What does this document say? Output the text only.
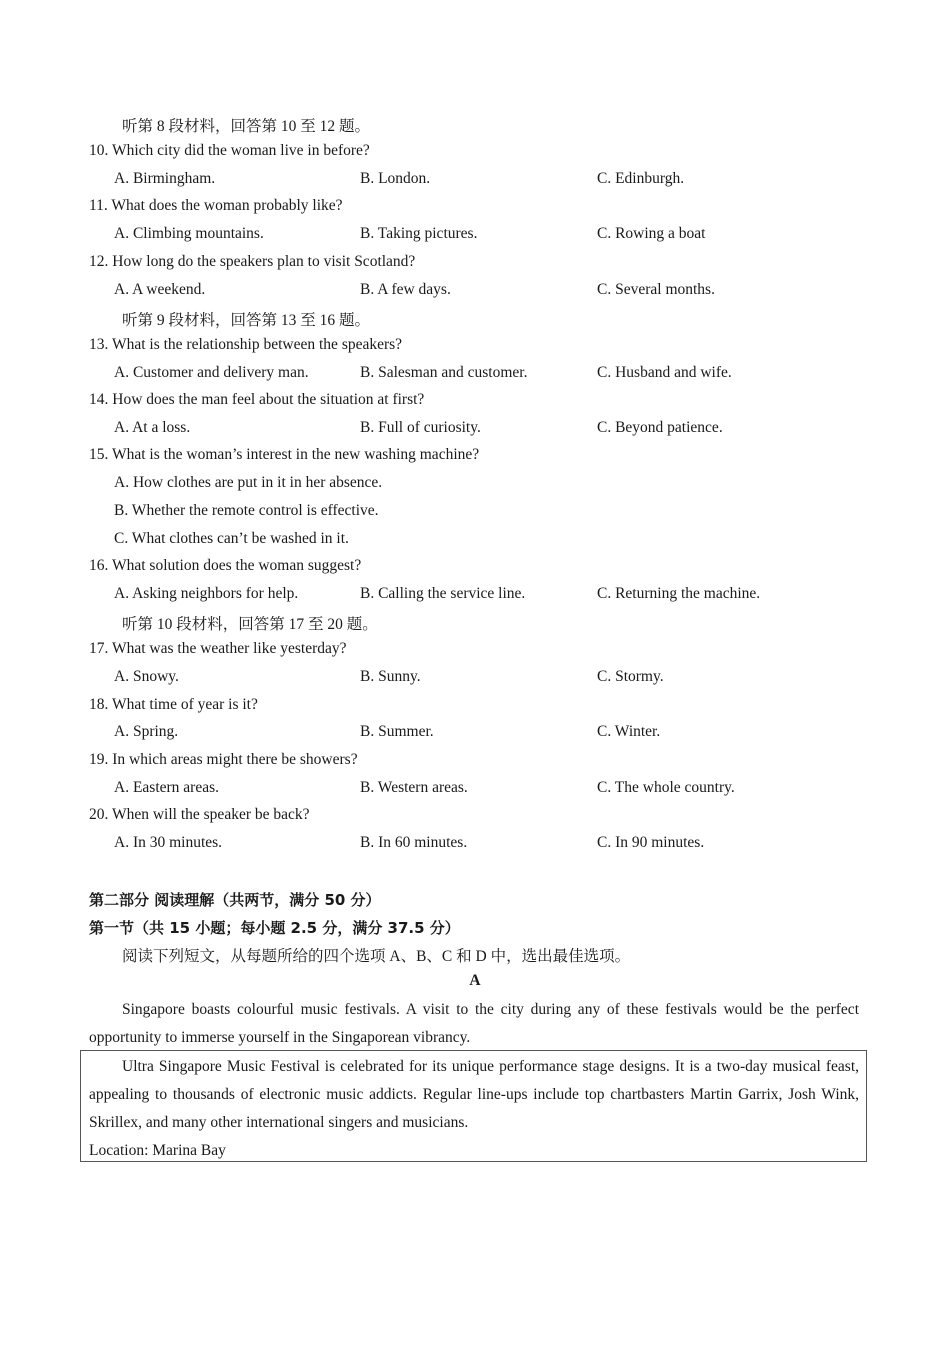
听第 8 段材料，回答第 10 至 12 题。
10. Which city did the woman live in before?
A. Birmingham.	B. London.	C. Edinburgh.
11. What does the woman probably like?
A. Climbing mountains.	B. Taking pictures.	C. Rowing a boat
12. How long do the speakers plan to visit Scotland?
A. A weekend.	B. A few days.	C. Several months.
听第 9 段材料，回答第 13 至 16 题。
13. What is the relationship between the speakers?
A. Customer and delivery man.	B. Salesman and customer.	C. Husband and wife.
14. How does the man feel about the situation at first?
A. At a loss.	B. Full of curiosity.	C. Beyond patience.
15. What is the woman’s interest in the new washing machine?
A. How clothes are put in it in her absence.
B. Whether the remote control is effective.
C. What clothes can’t be washed in it.
16. What solution does the woman suggest?
A. Asking neighbors for help.	B. Calling the service line.	C. Returning the machine.
听第 10 段材料，回答第 17 至 20 题。
17. What was the weather like yesterday?
A. Snowy.	B. Sunny.	C. Stormy.
18. What time of year is it?
A. Spring.	B. Summer.	C. Winter.
19. In which areas might there be showers?
A. Eastern areas.	B. Western areas.	C. The whole country.
20. When will the speaker be back?
A. In 30 minutes.	B. In 60 minutes.	C. In 90 minutes.
第二部分 阅读理解（共两节，满分 50 分）
第一节（共 15 小题；每小题 2.5 分，满分 37.5 分）
阅读下列短文，从每题所给的四个选项 A、B、C 和 D 中，选出最佳选项。
A
Singapore boasts colourful music festivals. A visit to the city during any of these festivals would be the perfect opportunity to immerse yourself in the Singaporean vibrancy.
Ultra Singapore Music Festival is celebrated for its unique performance stage designs. It is a two-day musical feast, appealing to thousands of electronic music addicts. Regular line-ups include top chartbasters Martin Garrix, Josh Wink, Skrillex, and many other international singers and musicians.
Location: Marina Bay
